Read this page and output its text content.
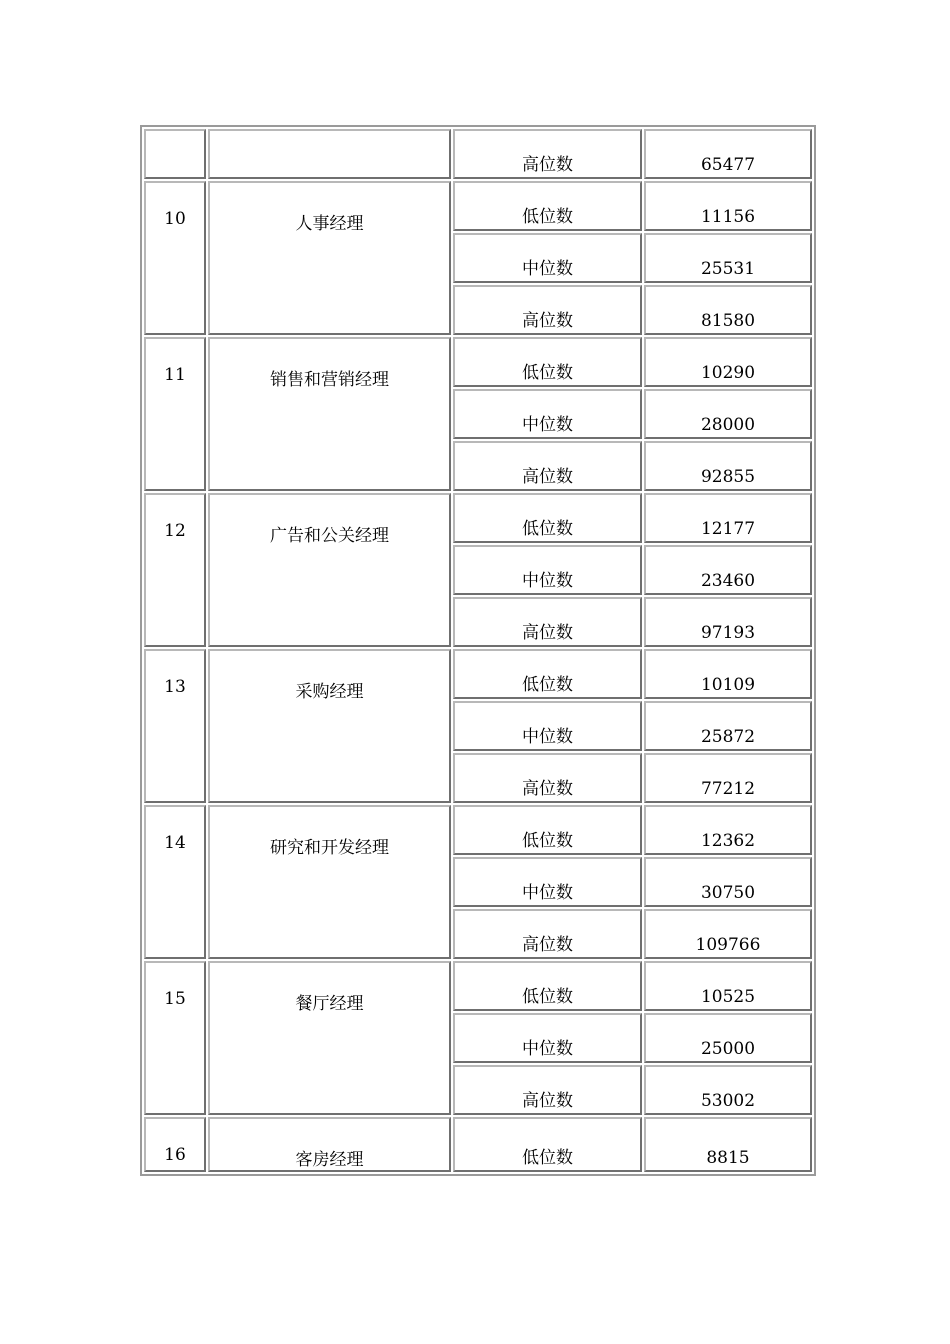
		高位数	65477
10	人事经理	低位数	11156
		中位数	25531
		高位数	81580
11	销售和营销经理	低位数	10290
		中位数	28000
		高位数	92855
12	广告和公关经理	低位数	12177
		中位数	23460
		高位数	97193
13	采购经理	低位数	10109
		中位数	25872
		高位数	77212
14	研究和开发经理	低位数	12362
		中位数	30750
		高位数	109766
15	餐厅经理	低位数	10525
		中位数	25000
		高位数	53002
16	客房经理	低位数	8815
